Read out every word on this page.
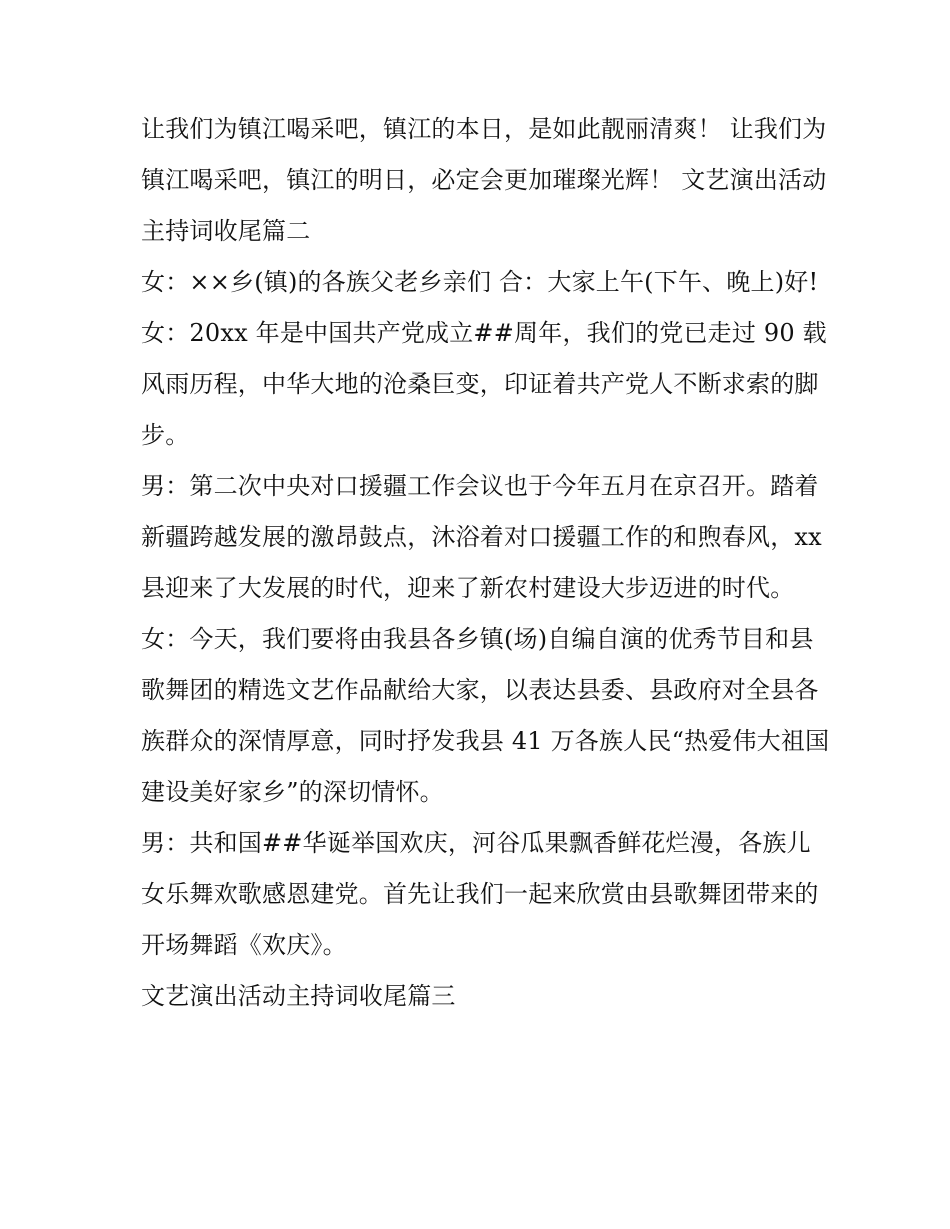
让我们为镇江喝采吧，镇江的本日，是如此靓丽清爽！ 让我们为镇江喝采吧，镇江的明日，必定会更加璀璨光辉！ 文艺演出活动主持词收尾篇二

女：××乡(镇)的各族父老乡亲们 合：大家上午(下午、晚上)好!

女：20xx 年是中国共产党成立##周年，我们的党已走过 90 载风雨历程，中华大地的沧桑巨变，印证着共产党人不断求索的脚步。

男：第二次中央对口援疆工作会议也于今年五月在京召开。踏着新疆跨越发展的激昂鼓点，沐浴着对口援疆工作的和煦春风，xx 县迎来了大发展的时代，迎来了新农村建设大步迈进的时代。

女：今天，我们要将由我县各乡镇(场)自编自演的优秀节目和县歌舞团的精选文艺作品献给大家，以表达县委、县政府对全县各族群众的深情厚意，同时抒发我县 41 万各族人民“热爱伟大祖国建设美好家乡”的深切情怀。

男：共和国##华诞举国欢庆，河谷瓜果飘香鲜花烂漫，各族儿女乐舞欢歌感恩建党。首先让我们一起来欣赏由县歌舞团带来的开场舞蹈《欢庆》。

文艺演出活动主持词收尾篇三
